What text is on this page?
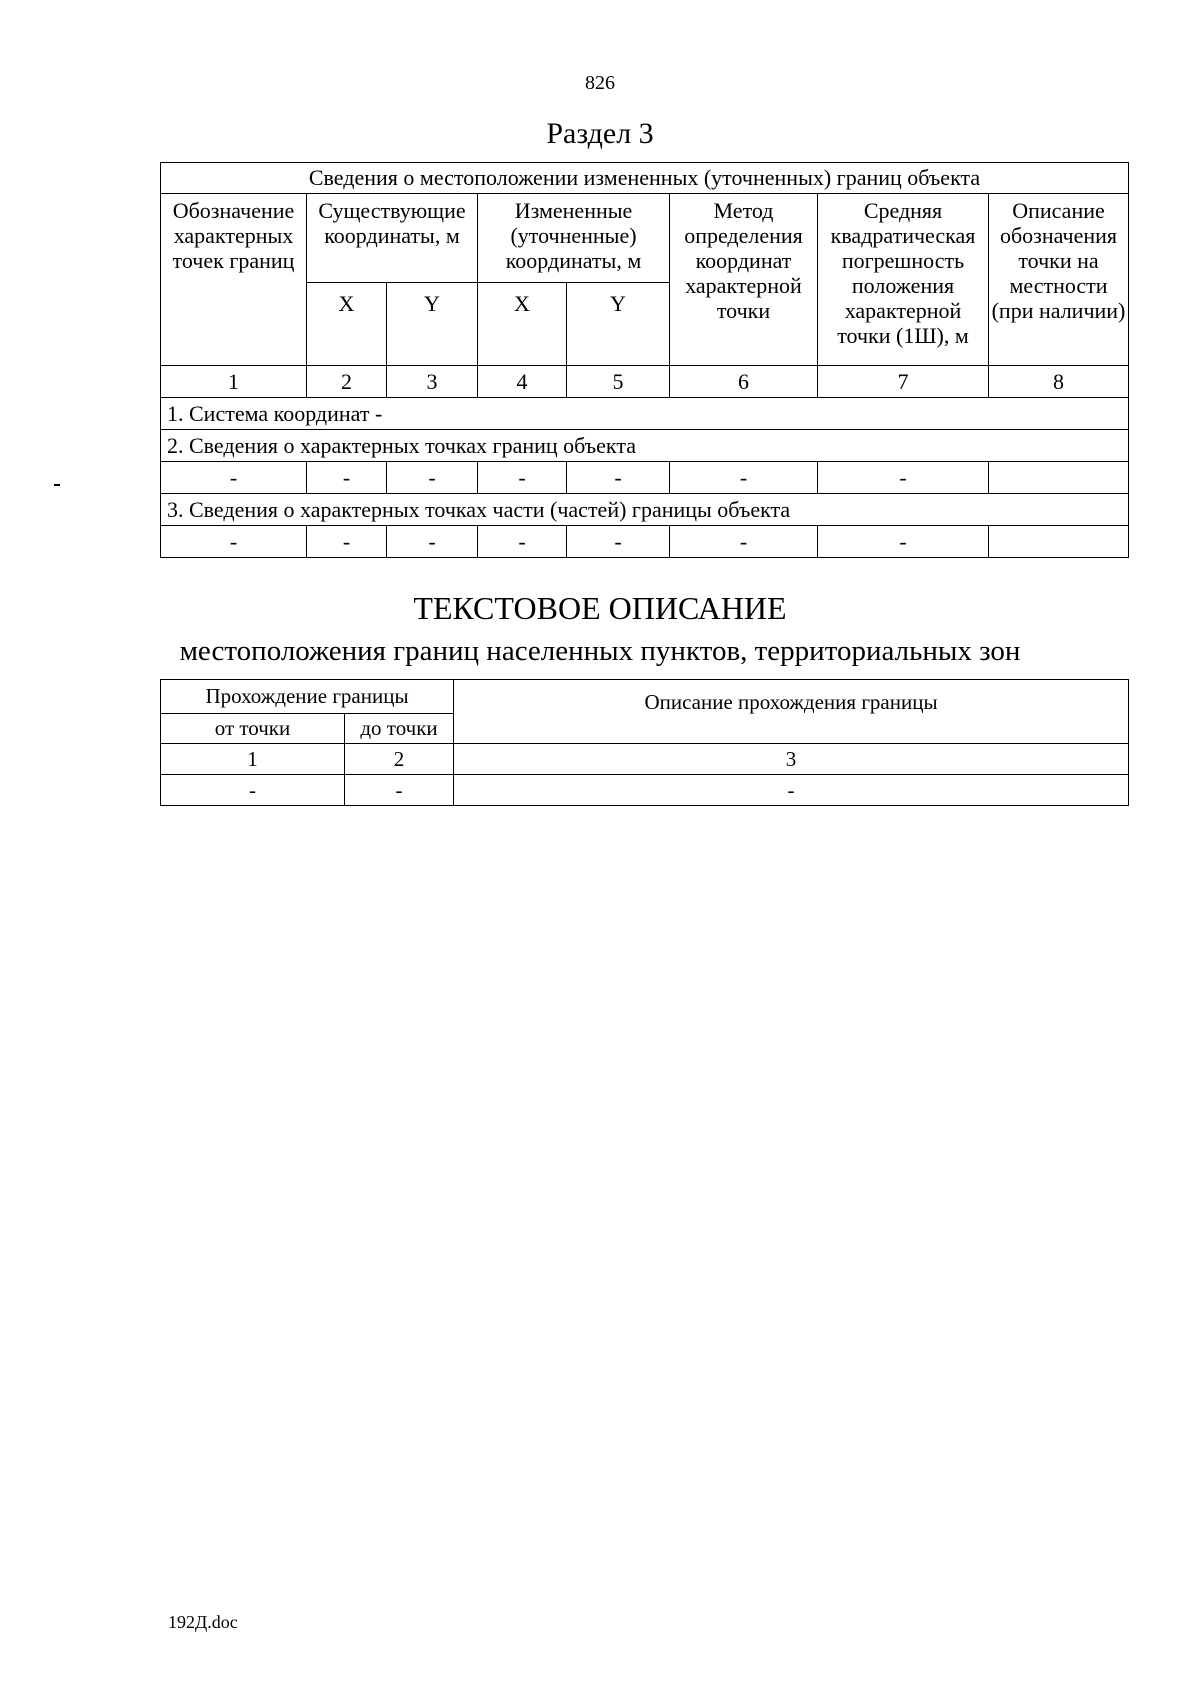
826
Раздел 3
Сведения о местоположении измененных (уточненных) границ объекта							
Обозначение характерных точек границ	Существующие координаты, м		Измененные (уточненные) координаты, м		Метод определения координат характерной точки	Средняя квадратическая погрешность положения характерной точки (1Ш), м	Описание обозначения точки на местности (при наличии)
	X	Y	X	Y			
1	2	3	4	5	6	7	8
1. Система координат -							
2. Сведения о характерных точках границ объекта							
-	-	-	-	-	-	-	
3. Сведения о характерных точках части (частей) границы объекта							
-	-	-	-	-	-	-	
ТЕКСТОВОЕ ОПИСАНИЕ
местоположения границ населенных пунктов, территориальных зон
Прохождение границы		Описание прохождения границы
от точки	до точки	
1	2	3
-	-	-
192Д.doc
